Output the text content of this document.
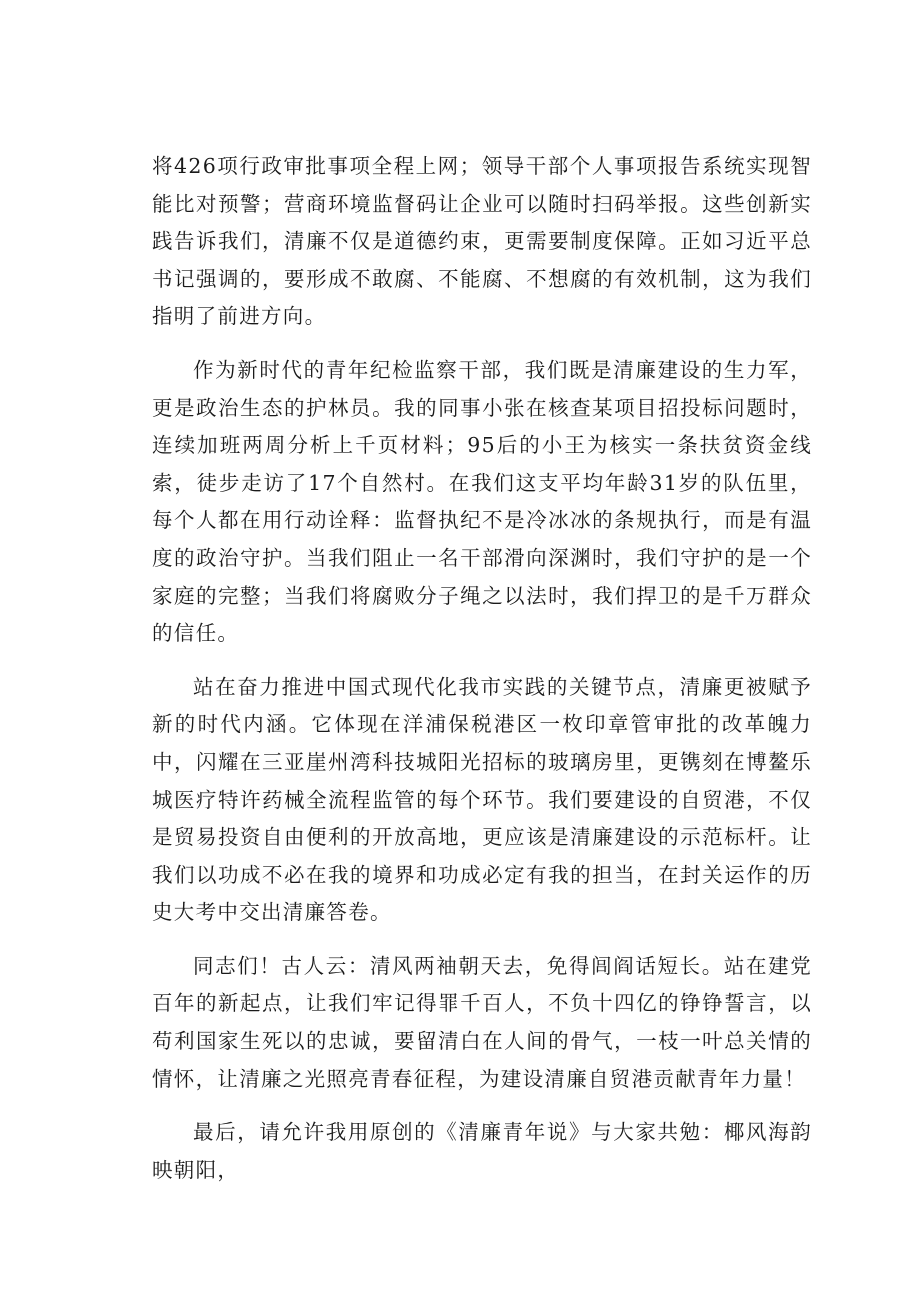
将426项行政审批事项全程上网；领导干部个人事项报告系统实现智能比对预警；营商环境监督码让企业可以随时扫码举报。这些创新实践告诉我们，清廉不仅是道德约束，更需要制度保障。正如习近平总书记强调的，要形成不敢腐、不能腐、不想腐的有效机制，这为我们指明了前进方向。

作为新时代的青年纪检监察干部，我们既是清廉建设的生力军，更是政治生态的护林员。我的同事小张在核查某项目招投标问题时，连续加班两周分析上千页材料；95后的小王为核实一条扶贫资金线索，徒步走访了17个自然村。在我们这支平均年龄31岁的队伍里，每个人都在用行动诠释：监督执纪不是冷冰冰的条规执行，而是有温度的政治守护。当我们阻止一名干部滑向深渊时，我们守护的是一个家庭的完整；当我们将腐败分子绳之以法时，我们捍卫的是千万群众的信任。

站在奋力推进中国式现代化我市实践的关键节点，清廉更被赋予新的时代内涵。它体现在洋浦保税港区一枚印章管审批的改革魄力中，闪耀在三亚崖州湾科技城阳光招标的玻璃房里，更镌刻在博鳌乐城医疗特许药械全流程监管的每个环节。我们要建设的自贸港，不仅是贸易投资自由便利的开放高地，更应该是清廉建设的示范标杆。让我们以功成不必在我的境界和功成必定有我的担当，在封关运作的历史大考中交出清廉答卷。

同志们！古人云：清风两袖朝天去，免得闾阎话短长。站在建党百年的新起点，让我们牢记得罪千百人，不负十四亿的铮铮誓言，以苟利国家生死以的忠诚，要留清白在人间的骨气，一枝一叶总关情的情怀，让清廉之光照亮青春征程，为建设清廉自贸港贡献青年力量！

最后，请允许我用原创的《清廉青年说》与大家共勉：椰风海韵映朝阳，
